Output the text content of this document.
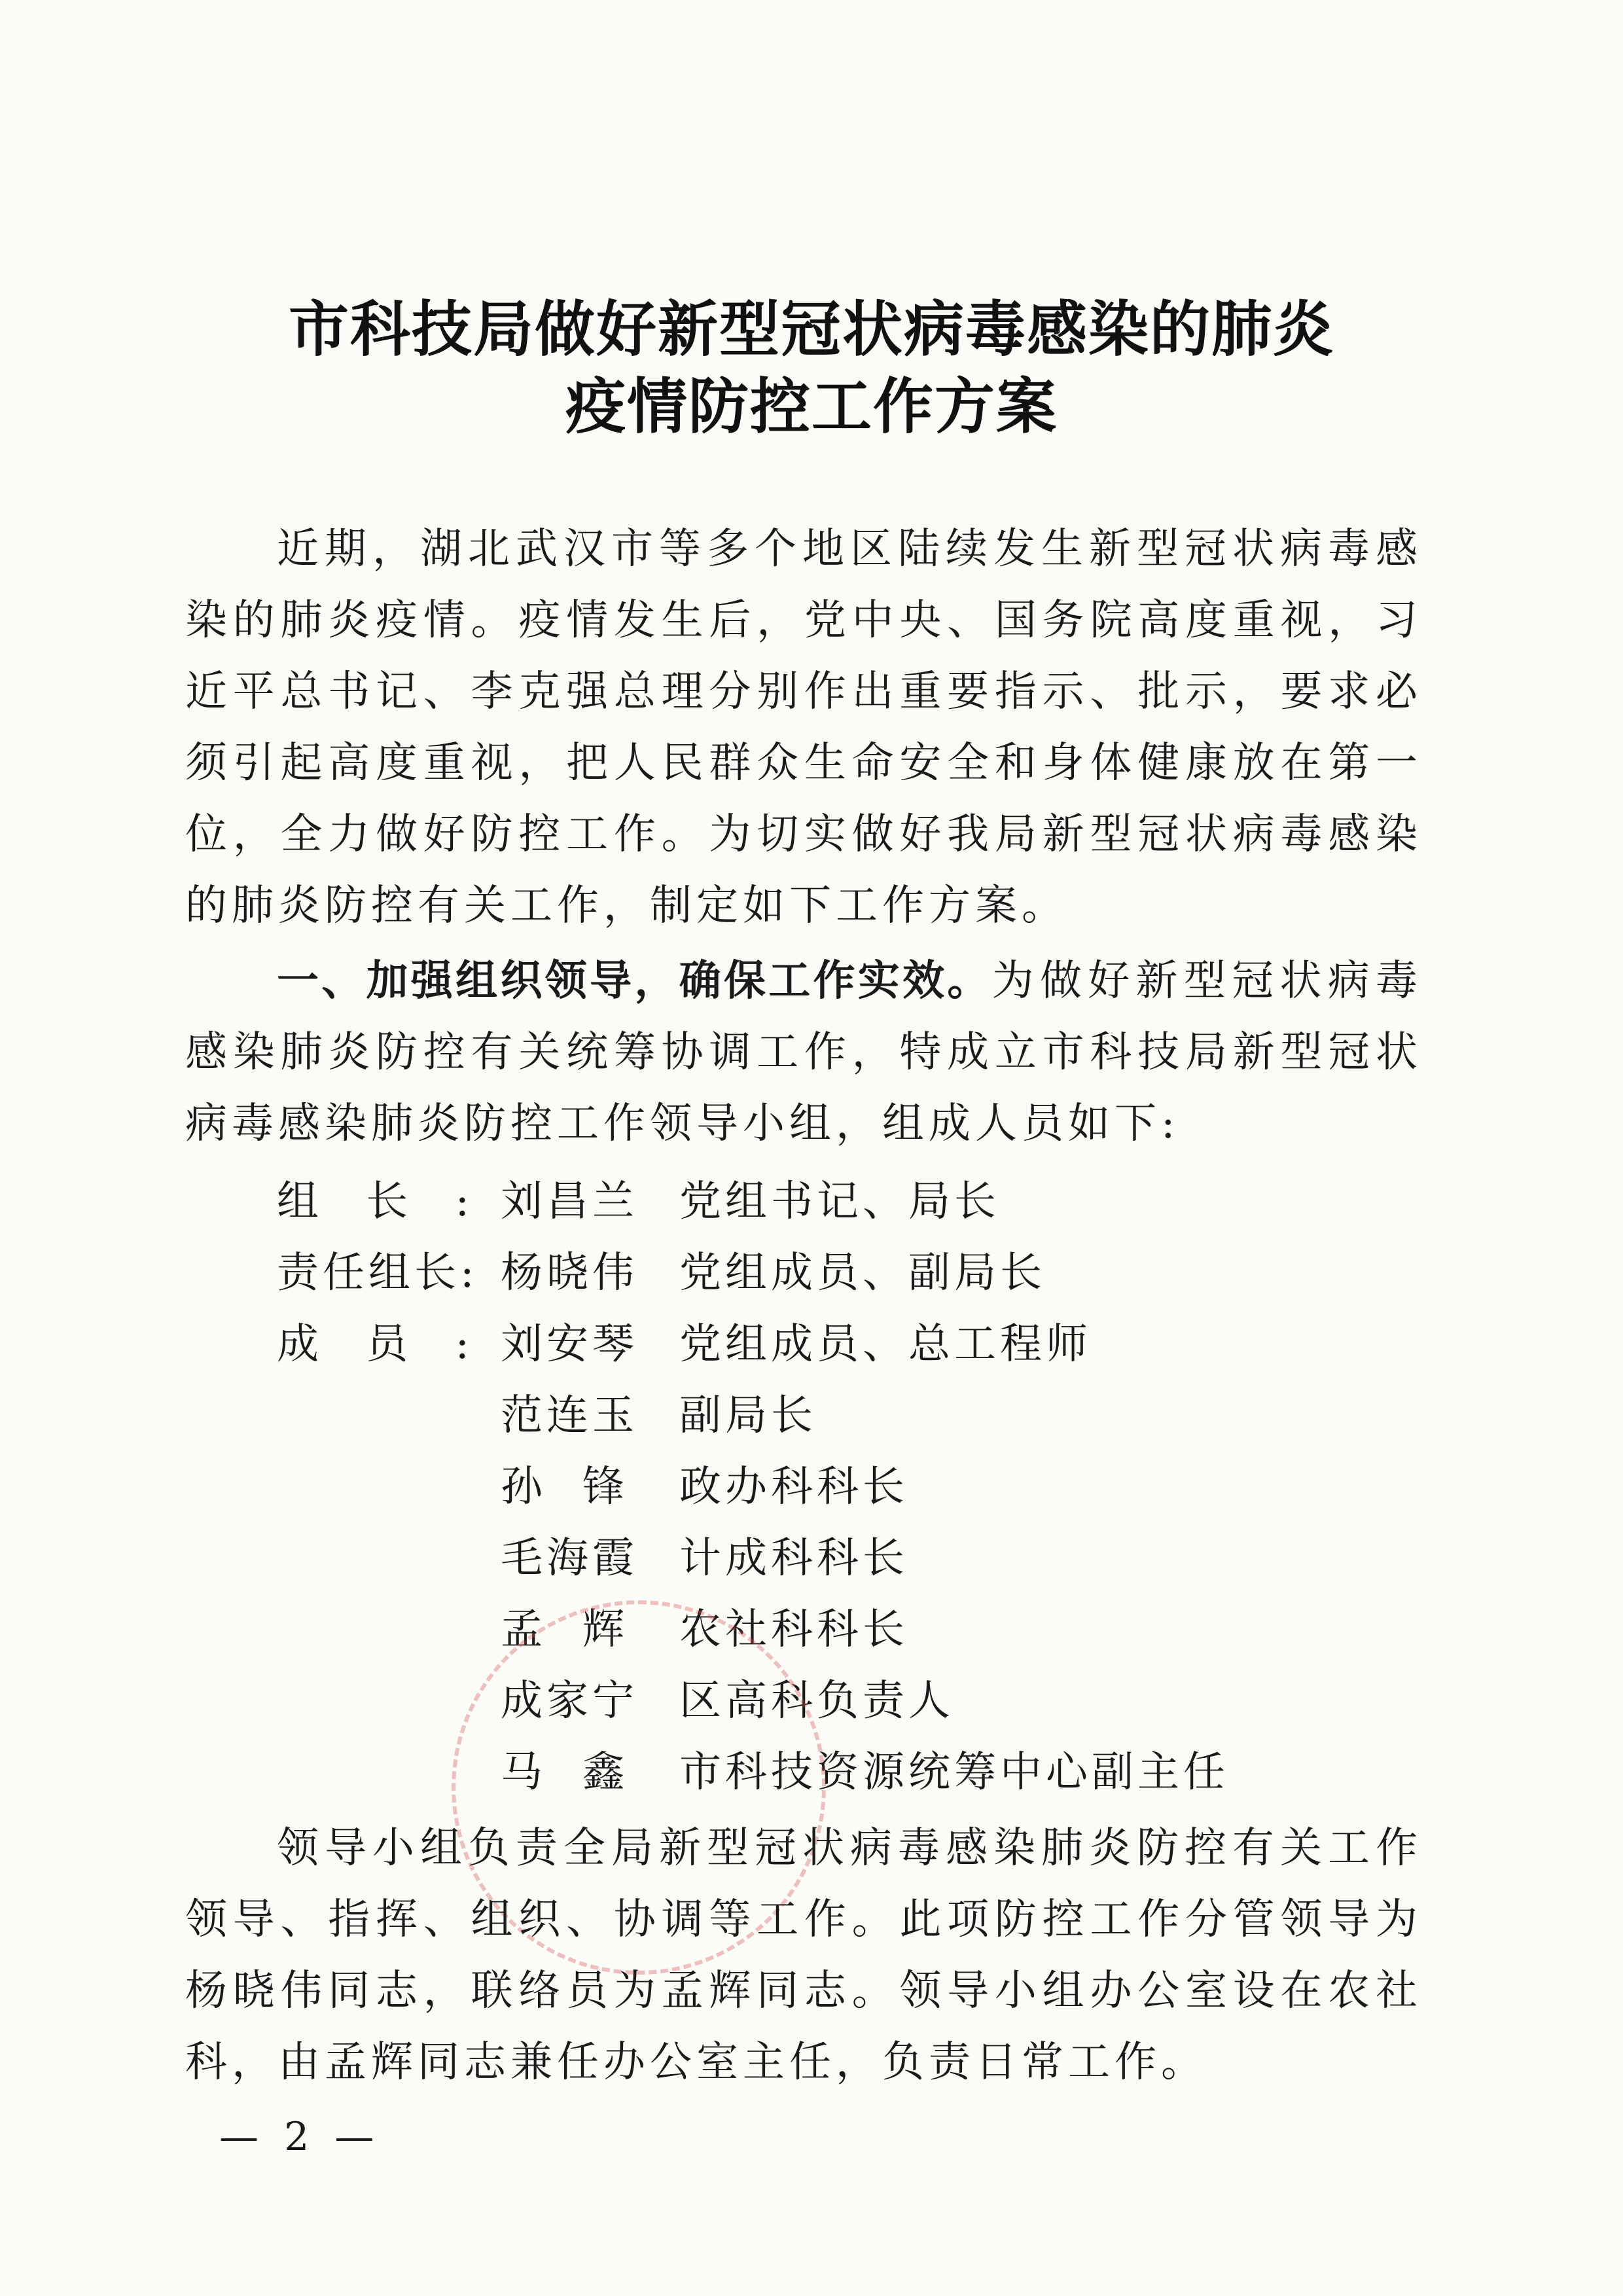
市科技局做好新型冠状病毒感染的肺炎
疫情防控工作方案

近期，湖北武汉市等多个地区陆续发生新型冠状病毒感染的肺炎疫情。疫情发生后，党中央、国务院高度重视，习近平总书记、李克强总理分别作出重要指示、批示，要求必须引起高度重视，把人民群众生命安全和身体健康放在第一位，全力做好防控工作。为切实做好我局新型冠状病毒感染的肺炎防控有关工作，制定如下工作方案。

一、加强组织领导，确保工作实效。为做好新型冠状病毒感染肺炎防控有关统筹协调工作，特成立市科技局新型冠状病毒感染肺炎防控工作领导小组，组成人员如下:

组 长 : 刘昌兰 党组书记、局长
责任组长: 杨晓伟 党组成员、副局长
成 员 : 刘安琴 党组成员、总工程师
范连玉 副局长
孙 锋 政办科科长
毛海霞 计成科科长
孟 辉 农社科科长
成家宁 区高科负责人
马 鑫 市科技资源统筹中心副主任

领导小组负责全局新型冠状病毒感染肺炎防控有关工作领导、指挥、组织、协调等工作。此项防控工作分管领导为杨晓伟同志，联络员为孟辉同志。领导小组办公室设在农社科，由孟辉同志兼任办公室主任，负责日常工作。

— 2 —
